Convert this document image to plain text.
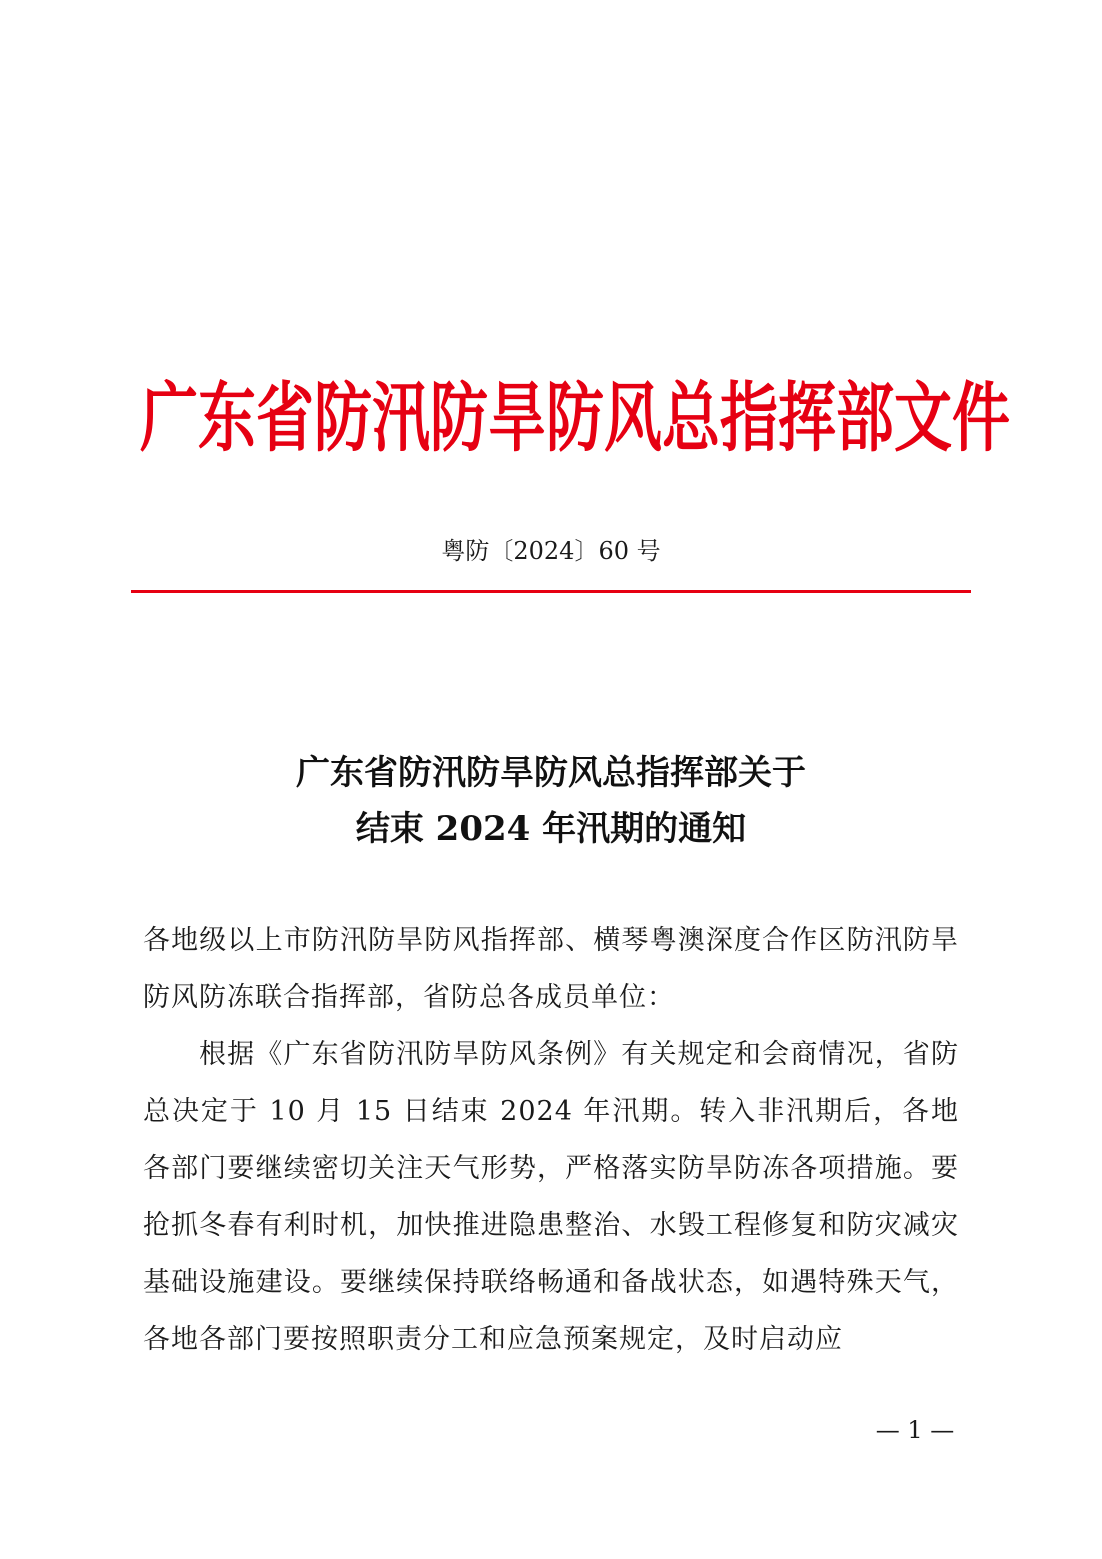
广东省防汛防旱防风总指挥部文件
粤防〔2024〕60 号
广东省防汛防旱防风总指挥部关于
结束 2024 年汛期的通知

各地级以上市防汛防旱防风指挥部、横琴粤澳深度合作区防汛防旱防风防冻联合指挥部，省防总各成员单位：

根据《广东省防汛防旱防风条例》有关规定和会商情况，省防总决定于 10 月 15 日结束 2024 年汛期。转入非汛期后，各地各部门要继续密切关注天气形势，严格落实防旱防冻各项措施。要抢抓冬春有利时机，加快推进隐患整治、水毁工程修复和防灾减灾基础设施建设。要继续保持联络畅通和备战状态，如遇特殊天气，各地各部门要按照职责分工和应急预案规定，及时启动应

— 1 —
